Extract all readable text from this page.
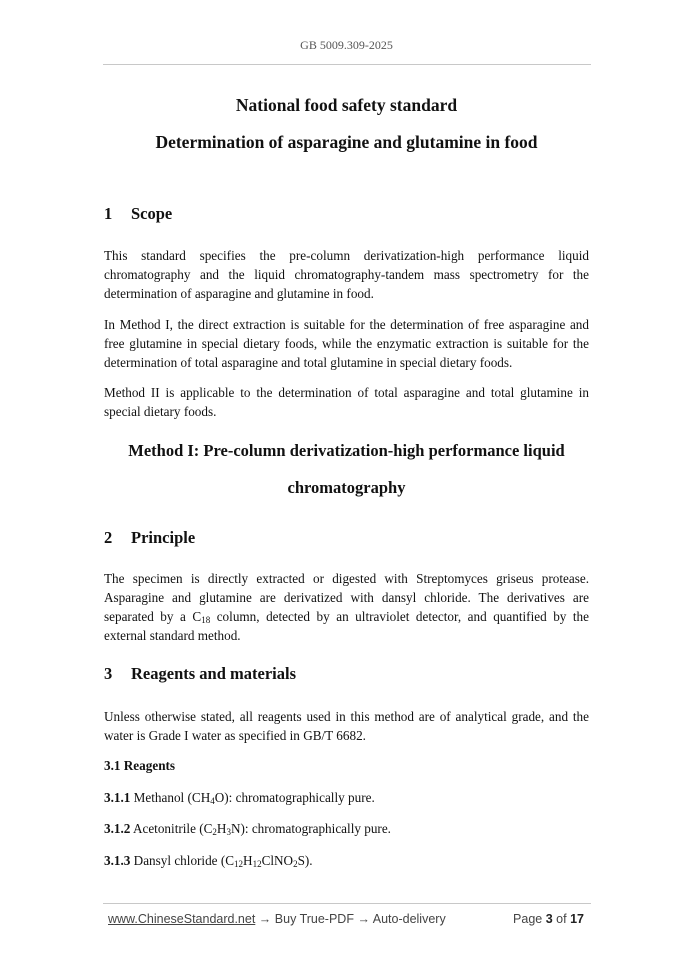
GB 5009.309-2025
National food safety standard
Determination of asparagine and glutamine in food
1 Scope
This standard specifies the pre-column derivatization-high performance liquid chromatography and the liquid chromatography-tandem mass spectrometry for the determination of asparagine and glutamine in food.
In Method I, the direct extraction is suitable for the determination of free asparagine and free glutamine in special dietary foods, while the enzymatic extraction is suitable for the determination of total asparagine and total glutamine in special dietary foods.
Method II is applicable to the determination of total asparagine and total glutamine in special dietary foods.
Method I: Pre-column derivatization-high performance liquid
chromatography
2 Principle
The specimen is directly extracted or digested with Streptomyces griseus protease. Asparagine and glutamine are derivatized with dansyl chloride. The derivatives are separated by a $C_{18}$ column, detected by an ultraviolet detector, and quantified by the external standard method.
3 Reagents and materials
Unless otherwise stated, all reagents used in this method are of analytical grade, and the water is Grade I water as specified in GB/T 6682.
3.1 Reagents
3.1.1 Methanol $(CH_4O)$: chromatographically pure.
3.1.2 Acetonitrile $(C_2H_3N)$: chromatographically pure.
3.1.3 Dansyl chloride $(C_{12}H_{12}ClNO_2S)$.
www.ChineseStandard.net → Buy True-PDF → Auto-delivery	Page 3 of 17
